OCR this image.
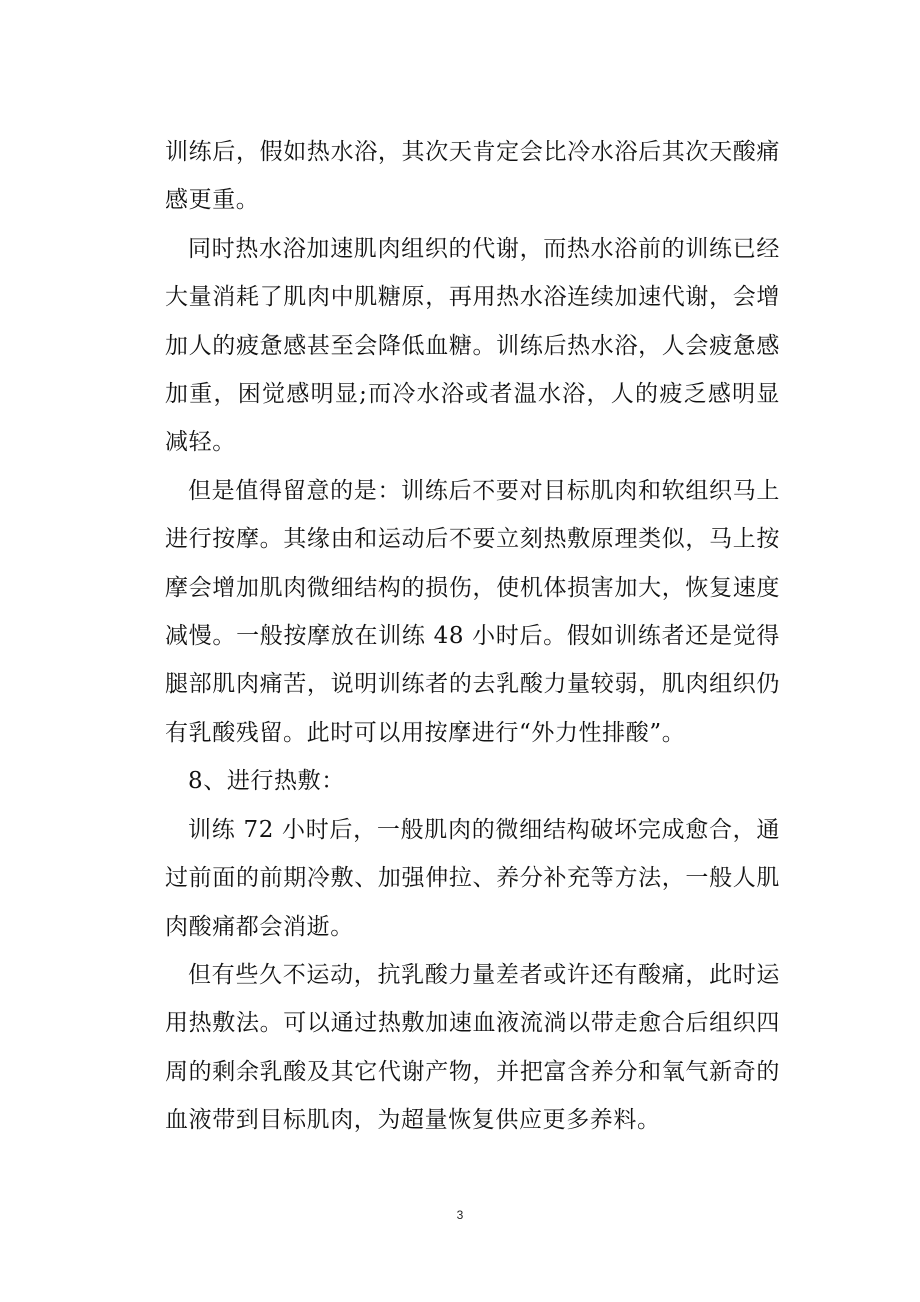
训练后，假如热水浴，其次天肯定会比冷水浴后其次天酸痛感更重。

同时热水浴加速肌肉组织的代谢，而热水浴前的训练已经大量消耗了肌肉中肌糖原，再用热水浴连续加速代谢，会增加人的疲惫感甚至会降低血糖。训练后热水浴，人会疲惫感加重，困觉感明显;而冷水浴或者温水浴，人的疲乏感明显减轻。

但是值得留意的是：训练后不要对目标肌肉和软组织马上进行按摩。其缘由和运动后不要立刻热敷原理类似，马上按摩会增加肌肉微细结构的损伤，使机体损害加大，恢复速度减慢。一般按摩放在训练 48 小时后。假如训练者还是觉得腿部肌肉痛苦，说明训练者的去乳酸力量较弱，肌肉组织仍有乳酸残留。此时可以用按摩进行“外力性排酸”。

8、进行热敷：

训练 72 小时后，一般肌肉的微细结构破坏完成愈合，通过前面的前期冷敷、加强伸拉、养分补充等方法，一般人肌肉酸痛都会消逝。

但有些久不运动，抗乳酸力量差者或许还有酸痛，此时运用热敷法。可以通过热敷加速血液流淌以带走愈合后组织四周的剩余乳酸及其它代谢产物，并把富含养分和氧气新奇的血液带到目标肌肉，为超量恢复供应更多养料。

3
